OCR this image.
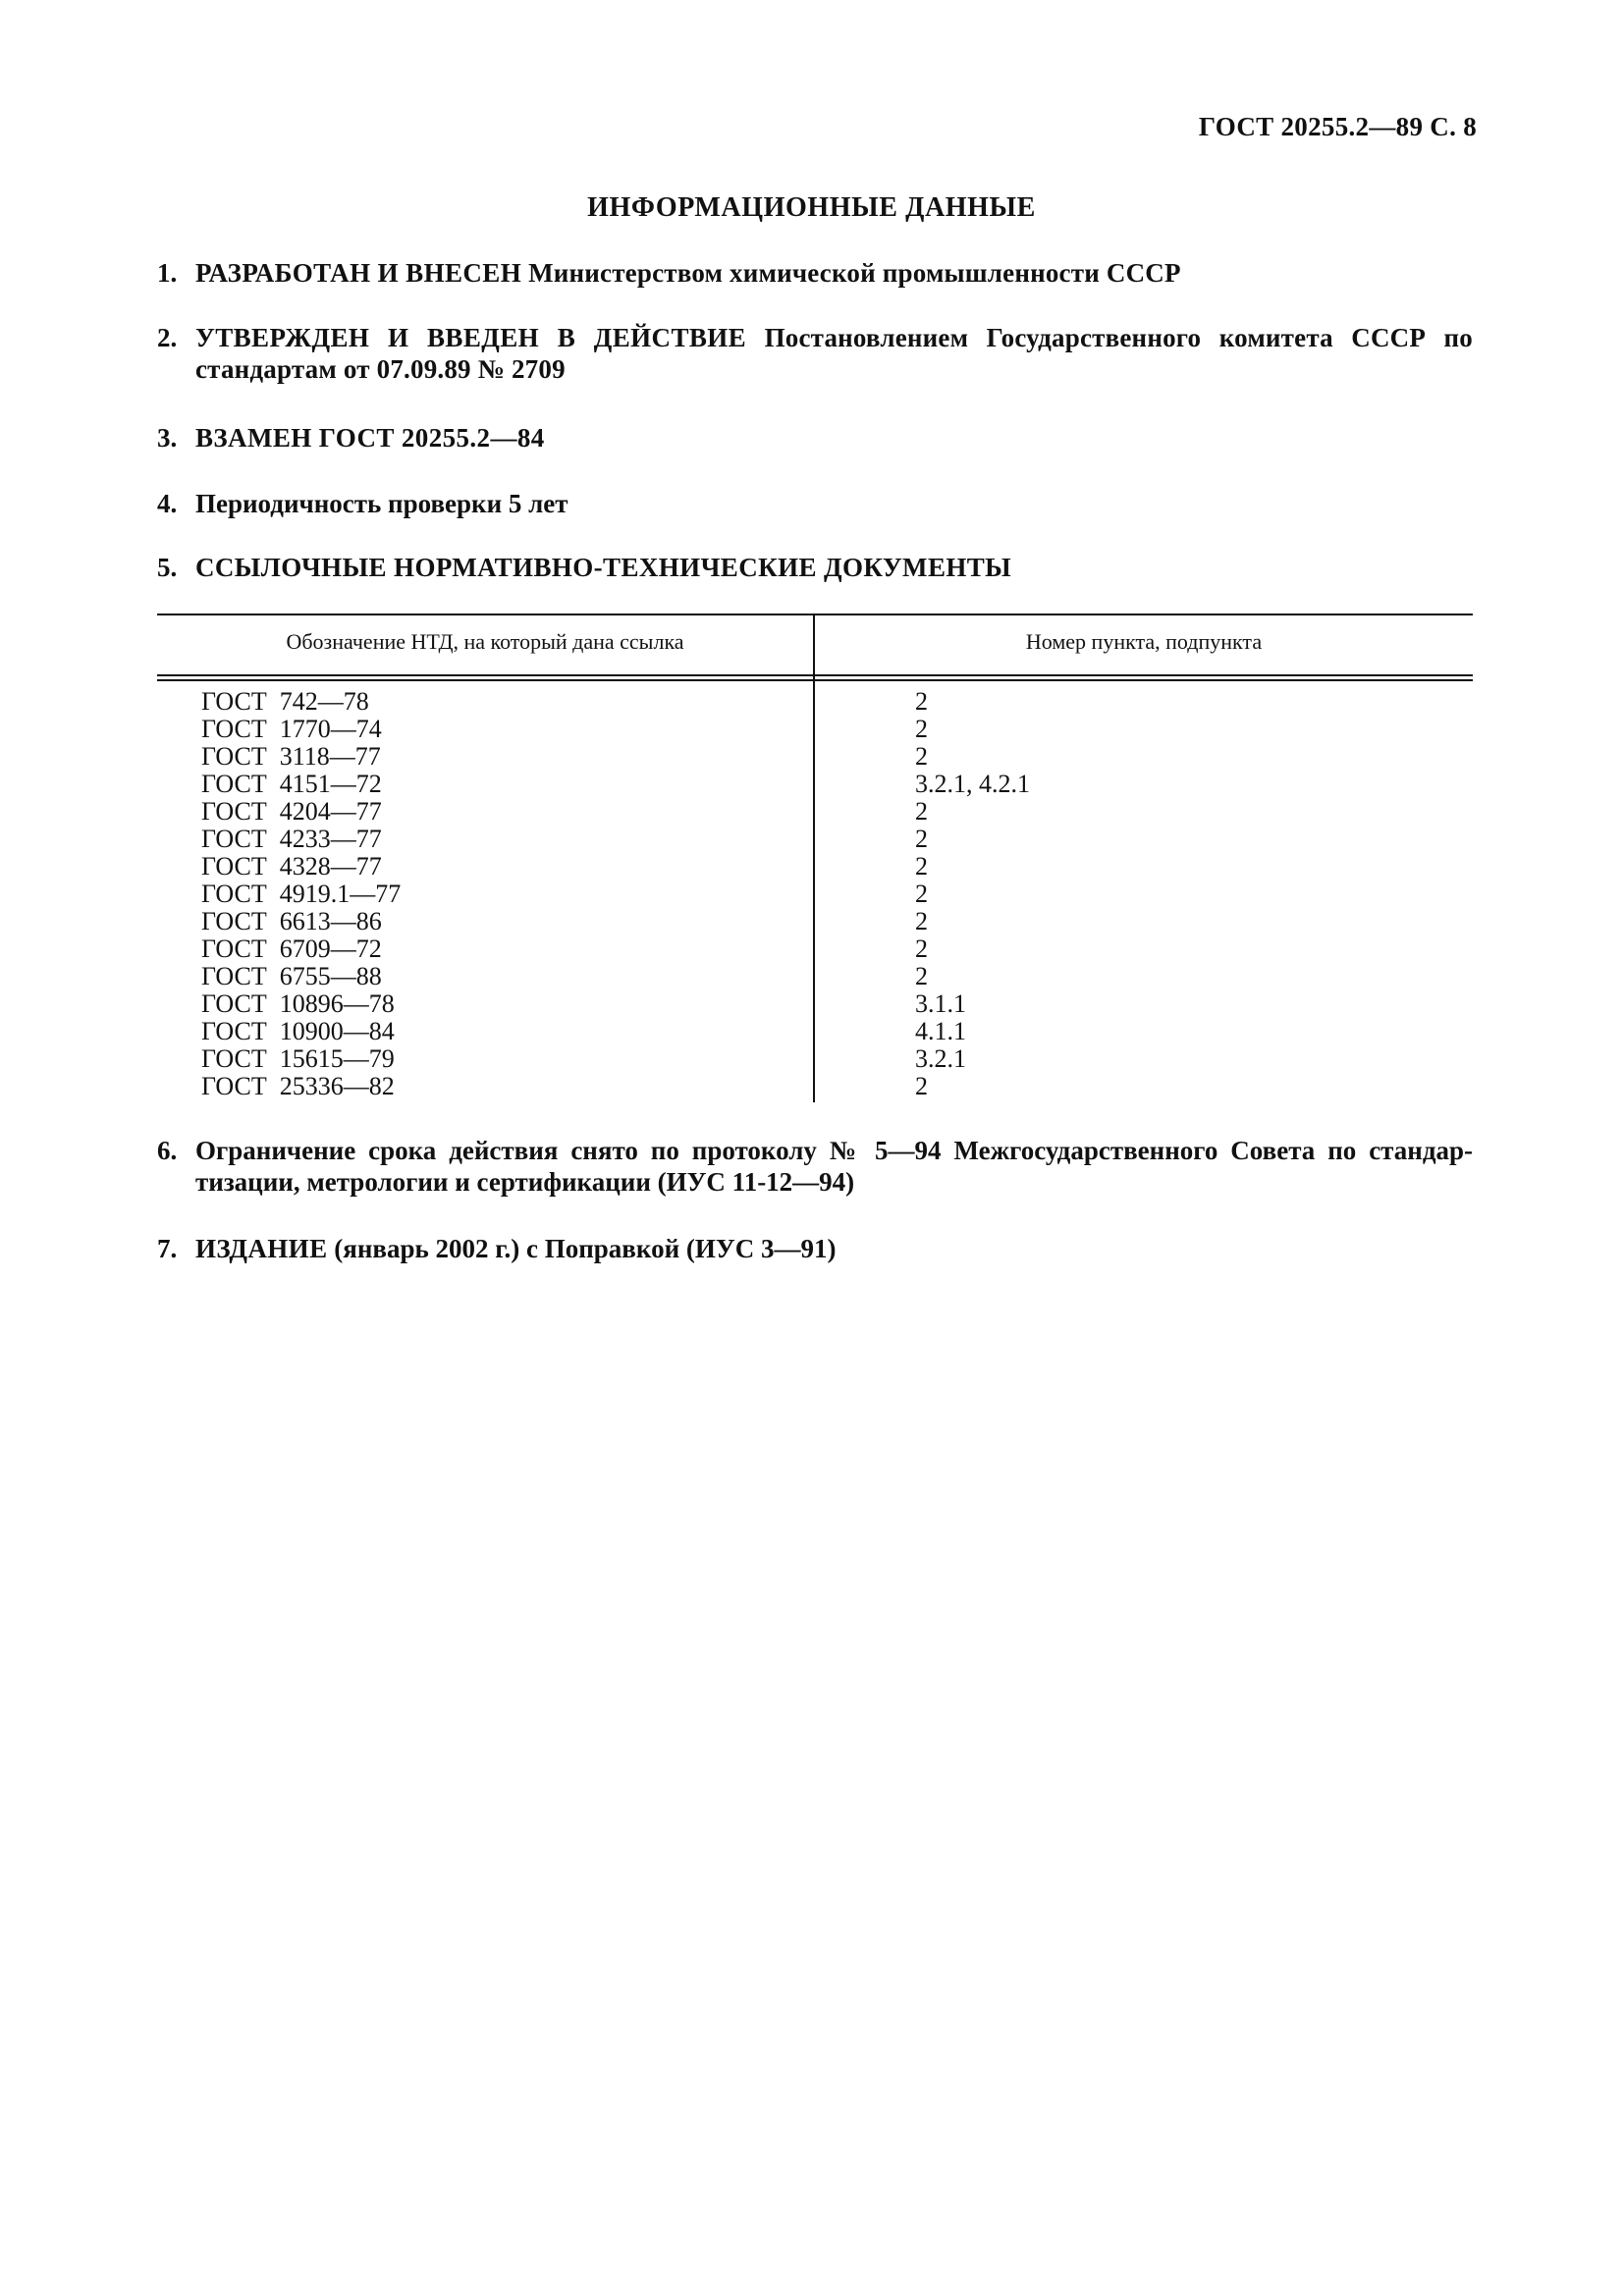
ГОСТ 20255.2—89 С. 8
ИНФОРМАЦИОННЫЕ ДАННЫЕ
1. РАЗРАБОТАН И ВНЕСЕН Министерством химической промышленности СССР
2. УТВЕРЖДЕН И ВВЕДЕН В ДЕЙСТВИЕ Постановлением Государственного комитета СССР по стандартам от 07.09.89 № 2709
3. ВЗАМЕН ГОСТ 20255.2—84
4. Периодичность проверки 5 лет
5. ССЫЛОЧНЫЕ НОРМАТИВНО-ТЕХНИЧЕСКИЕ ДОКУМЕНТЫ
Обозначение НТД, на который дана ссылка	Номер пункта, подпункта
ГОСТ  742—78	2
ГОСТ  1770—74	2
ГОСТ  3118—77	2
ГОСТ  4151—72	3.2.1, 4.2.1
ГОСТ  4204—77	2
ГОСТ  4233—77	2
ГОСТ  4328—77	2
ГОСТ  4919.1—77	2
ГОСТ  6613—86	2
ГОСТ  6709—72	2
ГОСТ  6755—88	2
ГОСТ  10896—78	3.1.1
ГОСТ  10900—84	4.1.1
ГОСТ  15615—79	3.2.1
ГОСТ  25336—82	2
6. Ограничение срока действия снято по протоколу № 5—94 Межгосударственного Совета по стандар-тизации, метрологии и сертификации (ИУС 11-12—94)
7. ИЗДАНИЕ (январь 2002 г.) с Поправкой (ИУС 3—91)
